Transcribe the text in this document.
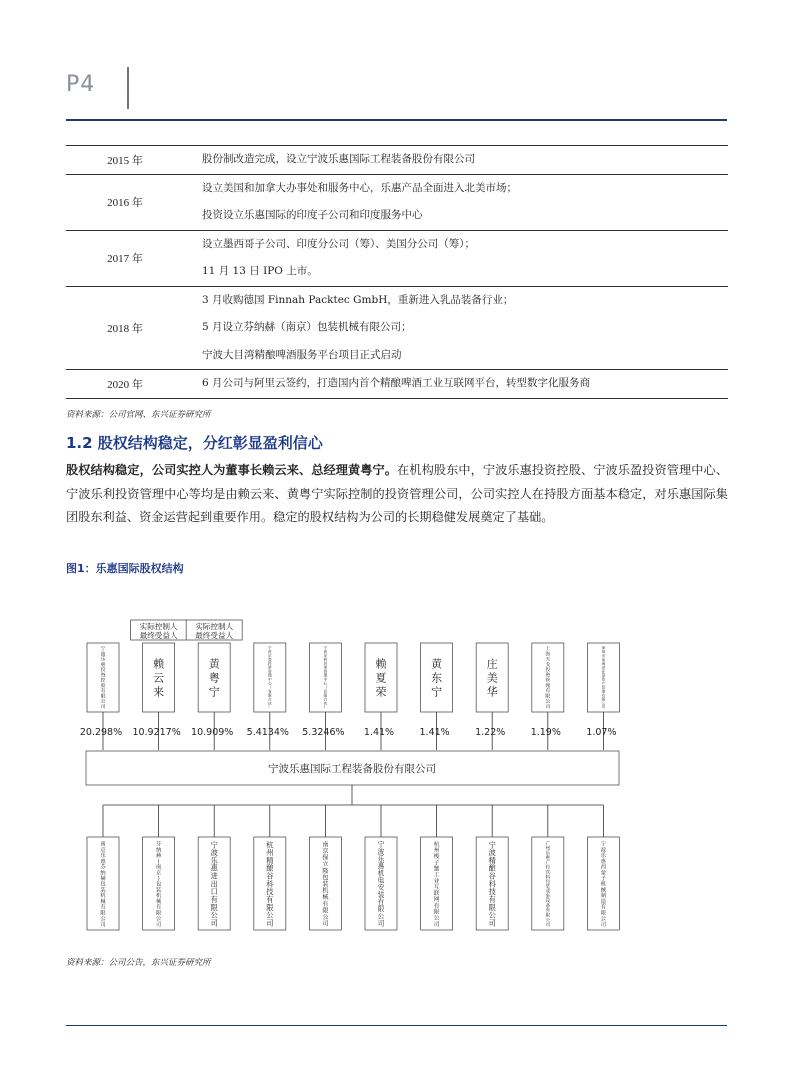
P4
2015 年	股份制改造完成，设立宁波乐惠国际工程装备股份有限公司

2016 年	设立美国和加拿大办事处和服务中心，乐惠产品全面进入北美市场；
投资设立乐惠国际的印度子公司和印度服务中心

2017 年	设立墨西哥子公司、印度分公司（筹）、美国分公司（筹）；
11 月 13 日 IPO 上市。

2018 年	3 月收购德国 Finnah Packtec GmbH，重新进入乳品装备行业；
5 月设立芬纳赫（南京）包装机械有限公司；
宁波大目湾精酿啤酒服务平台项目正式启动

2020 年	6 月公司与阿里云签约，打造国内首个精酿啤酒工业互联网平台，转型数字化服务商
资料来源：公司官网、东兴证券研究所
1.2 股权结构稳定，分红彰显盈利信心
股权结构稳定，公司实控人为董事长赖云来、总经理黄粤宁。在机构股东中，宁波乐惠投资控股、宁波乐盈投资管理中心、宁波乐利投资管理中心等均是由赖云来、黄粤宁实际控制的投资管理公司，公司实控人在持股方面基本稳定，对乐惠国际集团股东利益、资金运营起到重要作用。稳定的股权结构为公司的长期稳健发展奠定了基础。
图1：乐惠国际股权结构
实际控制人最终受益人
实际控制人最终受益人
宁波乐惠投资控股有限公司
20.298%
赖云来
10.9217%
黄粤宁
10.909%
宁波乐盈投资管理中心（有限合伙）
5.4134%
宁波乐利投资管理中心（有限合伙）
5.3246%
赖夏荣
1.41%
黄东宁
1.41%
庄美华
1.22%
上海天戈投资管理有限公司
1.19%
深圳市前海进化论资产管理有限公司
1.07%
宁波乐惠国际工程装备股份有限公司
南京乐惠芬纳赫包装机械有限公司
芬纳赫(南京)包装机械有限公司
宁波乐惠进出口有限公司
杭州精酿谷科技有限公司
南京保立隆包装机械有限公司
宁波乐惠机电安装有限公司
杭州梭子蟹工业互联网有限公司
宁波精酿谷科技有限公司
广州乐惠广轻饮料包装成套设备有限公司
宁波乐惠西蒙子机械制造有限公司
资料来源：公司公告，东兴证券研究所
